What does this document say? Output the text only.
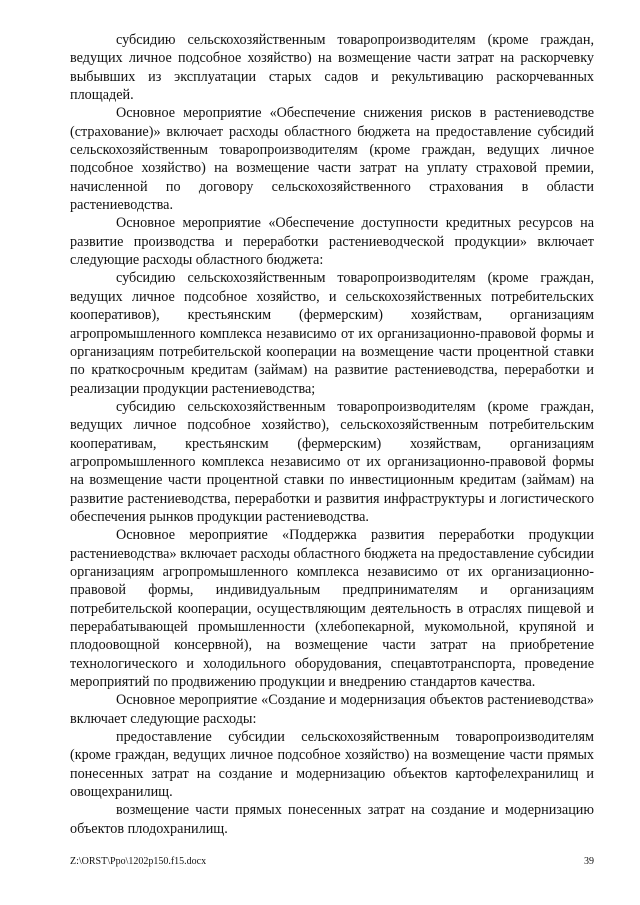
субсидию сельскохозяйственным товаропроизводителям (кроме граждан, ведущих личное подсобное хозяйство) на возмещение части затрат на раскорчевку выбывших из эксплуатации старых садов и рекультивацию раскорчеванных площадей.

Основное мероприятие «Обеспечение снижения рисков в растениеводстве (страхование)» включает расходы областного бюджета на предоставление субсидий сельскохозяйственным товаропроизводителям (кроме граждан, ведущих личное подсобное хозяйство) на возмещение части затрат на уплату страховой премии, начисленной по договору сельскохозяйственного страхования в области растениеводства.

Основное мероприятие «Обеспечение доступности кредитных ресурсов на развитие производства и переработки растениеводческой продукции» включает следующие расходы областного бюджета:

субсидию сельскохозяйственным товаропроизводителям (кроме граждан, ведущих личное подсобное хозяйство, и сельскохозяйственных потребительских кооперативов), крестьянским (фермерским) хозяйствам, организациям агропромышленного комплекса независимо от их организационно-правовой формы и организациям потребительской кооперации на возмещение части процентной ставки по краткосрочным кредитам (займам) на развитие растениеводства, переработки и реализации продукции растениеводства;

субсидию сельскохозяйственным товаропроизводителям (кроме граждан, ведущих личное подсобное хозяйство), сельскохозяйственным потребительским кооперативам, крестьянским (фермерским) хозяйствам, организациям агропромышленного комплекса независимо от их организационно-правовой формы на возмещение части процентной ставки по инвестиционным кредитам (займам) на развитие растениеводства, переработки и развития инфраструктуры и логистического обеспечения рынков продукции растениеводства.

Основное мероприятие «Поддержка развития переработки продукции растениеводства» включает расходы областного бюджета на предоставление субсидии организациям агропромышленного комплекса независимо от их организационно-правовой формы, индивидуальным предпринимателям и организациям потребительской кооперации, осуществляющим деятельность в отраслях пищевой и перерабатывающей промышленности (хлебопекарной, мукомольной, крупяной и плодоовощной консервной), на возмещение части затрат на приобретение технологического и холодильного оборудования, спецавтотранспорта, проведение мероприятий по продвижению продукции и внедрению стандартов качества.

Основное мероприятие «Создание и модернизация объектов растениеводства» включает следующие расходы:

предоставление субсидии сельскохозяйственным товаропроизводителям (кроме граждан, ведущих личное подсобное хозяйство) на возмещение части прямых понесенных затрат на создание и модернизацию объектов картофелехранилищ и овощехранилищ.

возмещение части прямых понесенных затрат на создание и модернизацию объектов плодохранилищ.

Z:\ORST\Ppo\1202p150.f15.docx	39
